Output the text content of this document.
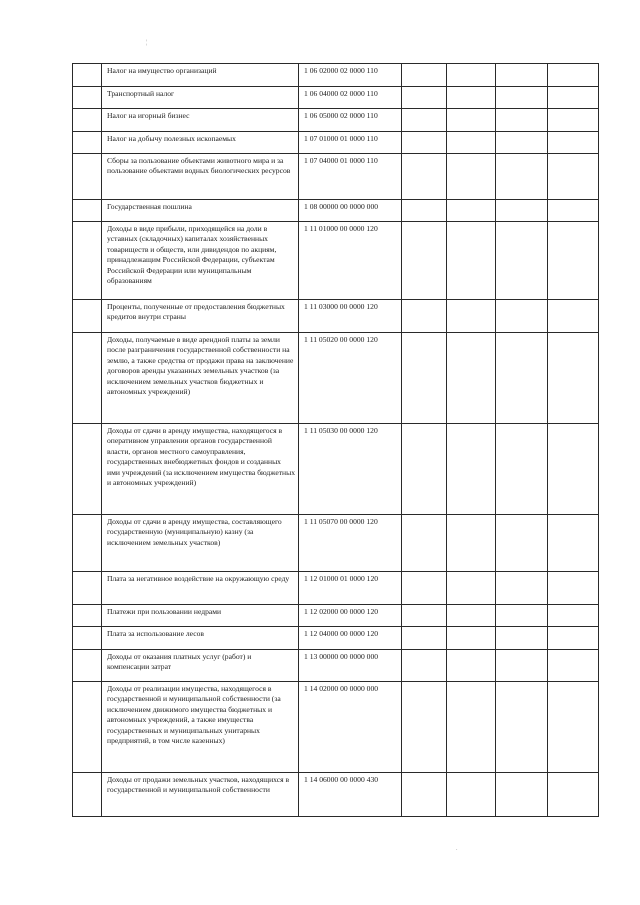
¦
.
	Налог на имущество организаций	1 06 02000 02 0000 110				
	Транспортный налог	1 06 04000 02 0000 110				
	Налог на игорный бизнес	1 06 05000 02 0000 110				
	Налог на добычу полезных ископаемых	1 07 01000 01 0000 110				
	Сборы за пользование объектами животного мира и за пользование объектами водных биологических ресурсов	1 07 04000 01 0000 110				
	Государственная пошлина	1 08 00000 00 0000 000				
	Доходы в виде прибыли, приходящейся на доли в уставных (складочных) капиталах хозяйственных товариществ и обществ, или дивидендов по акциям, принадлежащим Российской Федерации, субъектам Российской Федерации или муниципальным образованиям	1 11 01000 00 0000 120				
	Проценты, полученные от предоставления бюджетных кредитов внутри страны	1 11 03000 00 0000 120				
	Доходы, получаемые в виде арендной платы за земли после разграничения государственной собственности на землю, а также средства от продажи права на заключение договоров аренды указанных земельных участков (за исключением земельных участков бюджетных и автономных учреждений)	1 11 05020 00 0000 120				
	Доходы от сдачи в аренду имущества, находящегося в оперативном управлении органов государственной власти, органов местного самоуправления, государственных внебюджетных фондов и созданных ими учреждений (за исключением имущества бюджетных и автономных учреждений)	1 11 05030 00 0000 120				
	Доходы от сдачи в аренду имущества, составляющего государственную (муниципальную) казну (за исключением земельных участков)	1 11 05070 00 0000 120				
	Плата за негативное воздействие на окружающую среду	1 12 01000 01 0000 120				
	Платежи при пользовании недрами	1 12 02000 00 0000 120				
	Плата за использование лесов	1 12 04000 00 0000 120				
	Доходы от оказания платных услуг (работ) и компенсации затрат	1 13 00000 00 0000 000				
	Доходы от реализации имущества, находящегося в государственной и муниципальной собственности (за исключением движимого имущества бюджетных и автономных учреждений, а также имущества государственных и муниципальных унитарных предприятий, в том числе казенных)	1 14 02000 00 0000 000				
	Доходы от продажи земельных участков, находящихся в государственной и муниципальной собственности	1 14 06000 00 0000 430				
